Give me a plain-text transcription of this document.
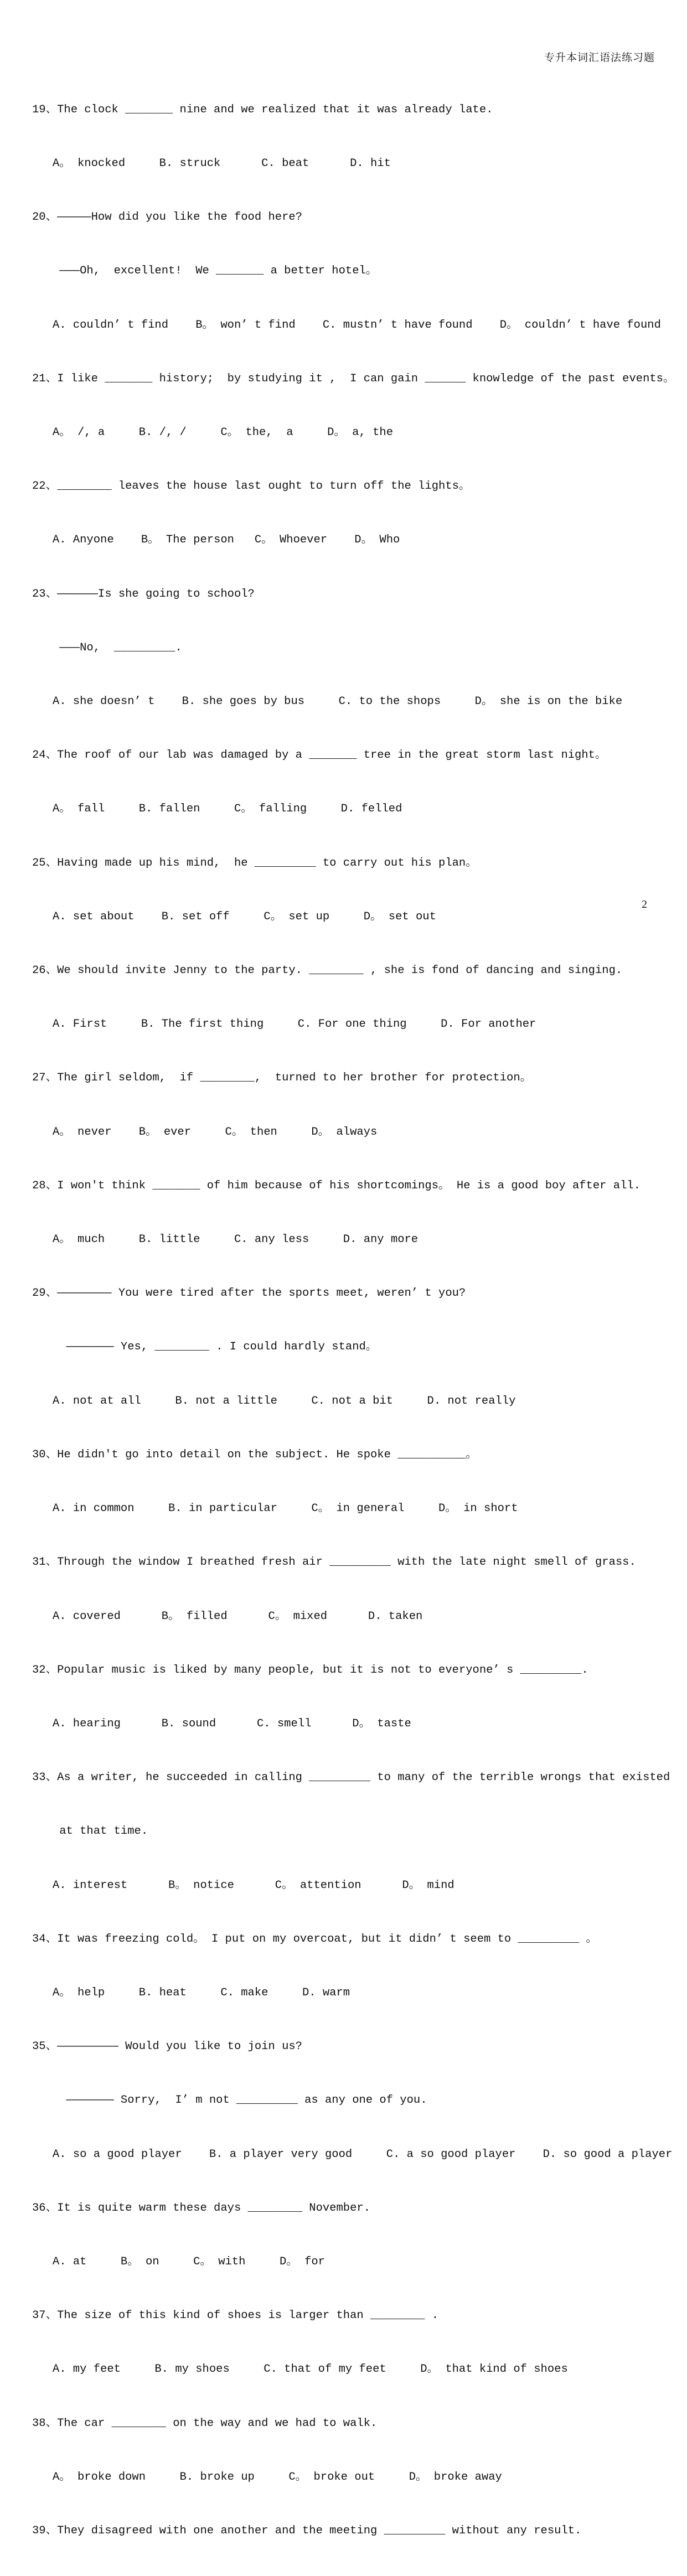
专升本词汇语法练习题

19、The clock _______ nine and we realized that it was already late.

A。 knocked     B. struck      C. beat      D. hit

20、—————How did you like the food here?

———Oh,  excellent!  We _______ a better hotel。

A. couldn’ t find    B。 won’ t find    C. mustn’ t have found    D。 couldn’ t have found

21、I like _______ history;  by studying it ,  I can gain ______ knowledge of the past events。

A。 /, a     B. /, /     C。 the,  a     D。 a, the

22、________ leaves the house last ought to turn off the lights。

A. Anyone    B。 The person   C。 Whoever    D。 Who

23、——————Is she going to school?

———No,  _________.

A. she doesn’ t    B. she goes by bus     C. to the shops     D。 she is on the bike

24、The roof of our lab was damaged by a _______ tree in the great storm last night。

A。 fall     B. fallen     C。 falling     D. felled

25、Having made up his mind,  he _________ to carry out his plan。

A. set about    B. set off     C。 set up     D。 set out

26、We should invite Jenny to the party. ________ , she is fond of dancing and singing.

A. First     B. The first thing     C. For one thing     D. For another

27、The girl seldom,  if ________,  turned to her brother for protection。

A。 never    B。 ever     C。 then     D。 always

28、I won't think _______ of him because of his shortcomings。 He is a good boy after all.

A。 much     B. little     C. any less     D. any more

29、———————— You were tired after the sports meet, weren’ t you?

——————— Yes, ________ . I could hardly stand。

A. not at all     B. not a little     C. not a bit     D. not really

30、He didn't go into detail on the subject. He spoke __________。

A. in common     B. in particular     C。 in general     D。 in short

31、Through the window I breathed fresh air _________ with the late night smell of grass.

A. covered      B。 filled      C。 mixed      D. taken

32、Popular music is liked by many people, but it is not to everyone’ s _________.

A. hearing      B. sound      C. smell      D。 taste

33、As a writer, he succeeded in calling _________ to many of the terrible wrongs that existed

at that time.

A. interest      B。 notice      C。 attention      D。 mind

34、It was freezing cold。 I put on my overcoat, but it didn’ t seem to _________ 。

A。 help     B. heat     C. make     D. warm

35、————————— Would you like to join us?

——————— Sorry,  I’ m not _________ as any one of you.

A. so a good player    B. a player very good     C. a so good player    D. so good a player

36、It is quite warm these days ________ November.

A. at     B。 on     C。 with     D。 for

37、The size of this kind of shoes is larger than ________ .

A. my feet     B. my shoes     C. that of my feet     D。 that kind of shoes

38、The car ________ on the way and we had to walk.

A。 broke down     B. broke up     C。 broke out     D。 broke away

39、They disagreed with one another and the meeting _________ without any result.

2
